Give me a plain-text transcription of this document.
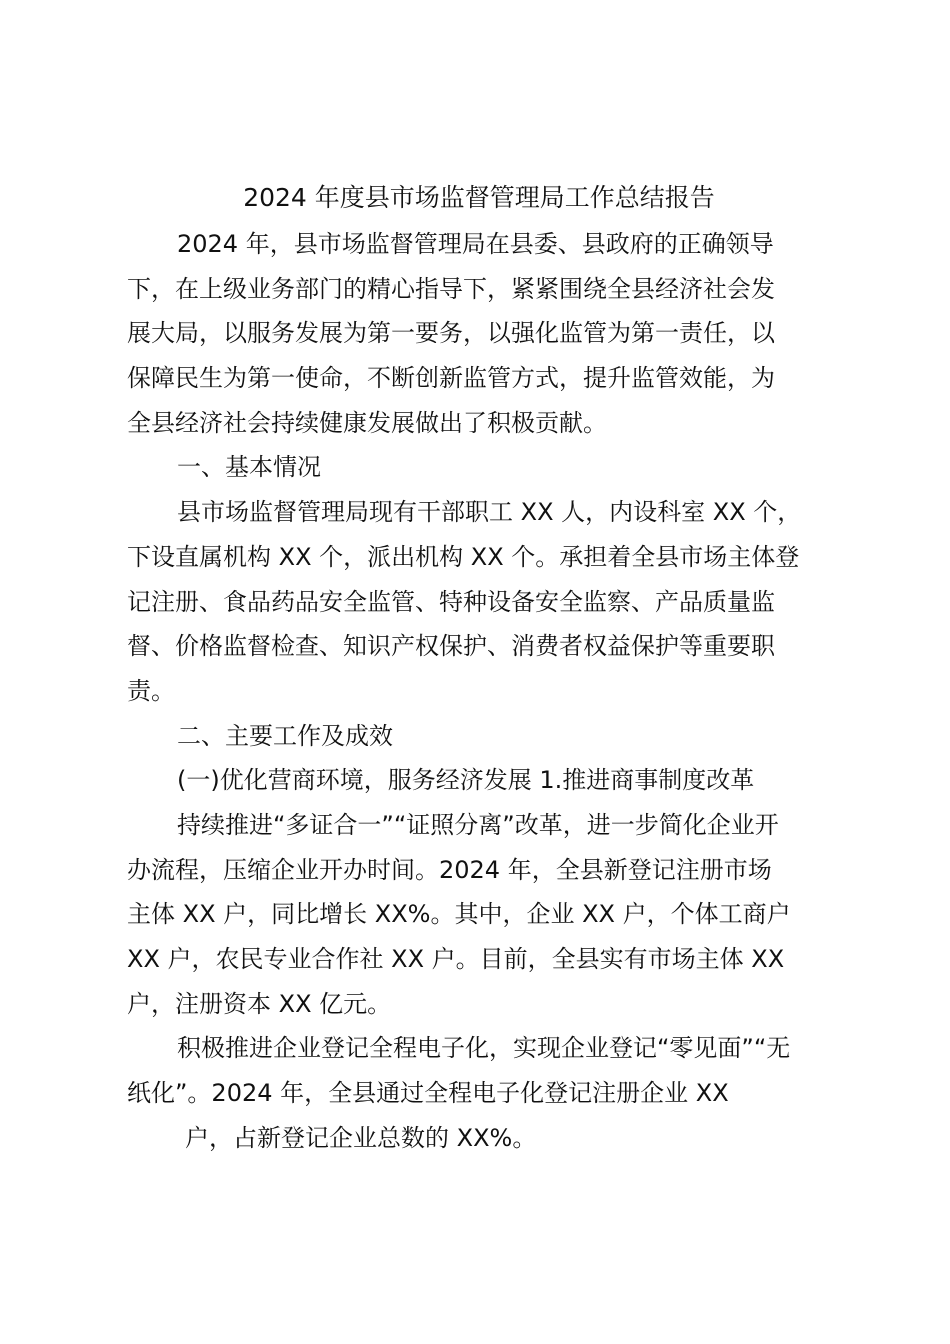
2024 年度县市场监督管理局工作总结报告
2024 年，县市场监督管理局在县委、县政府的正确领导
下，在上级业务部门的精心指导下，紧紧围绕全县经济社会发
展大局，以服务发展为第一要务，以强化监管为第一责任，以
保障民生为第一使命，不断创新监管方式，提升监管效能，为
全县经济社会持续健康发展做出了积极贡献。
一、基本情况
县市场监督管理局现有干部职工 XX 人，内设科室 XX 个，
下设直属机构 XX 个，派出机构 XX 个。承担着全县市场主体登
记注册、食品药品安全监管、特种设备安全监察、产品质量监
督、价格监督检查、知识产权保护、消费者权益保护等重要职
责。
二、主要工作及成效
(一)优化营商环境，服务经济发展 1.推进商事制度改革
持续推进“多证合一”“证照分离”改革，进一步简化企业开
办流程，压缩企业开办时间。2024 年，全县新登记注册市场
主体 XX 户，同比增长 XX%。其中，企业 XX 户，个体工商户
XX 户，农民专业合作社 XX 户。目前，全县实有市场主体 XX
户，注册资本 XX 亿元。
积极推进企业登记全程电子化，实现企业登记“零见面”“无
纸化”。2024 年，全县通过全程电子化登记注册企业 XX
户，占新登记企业总数的 XX%。
